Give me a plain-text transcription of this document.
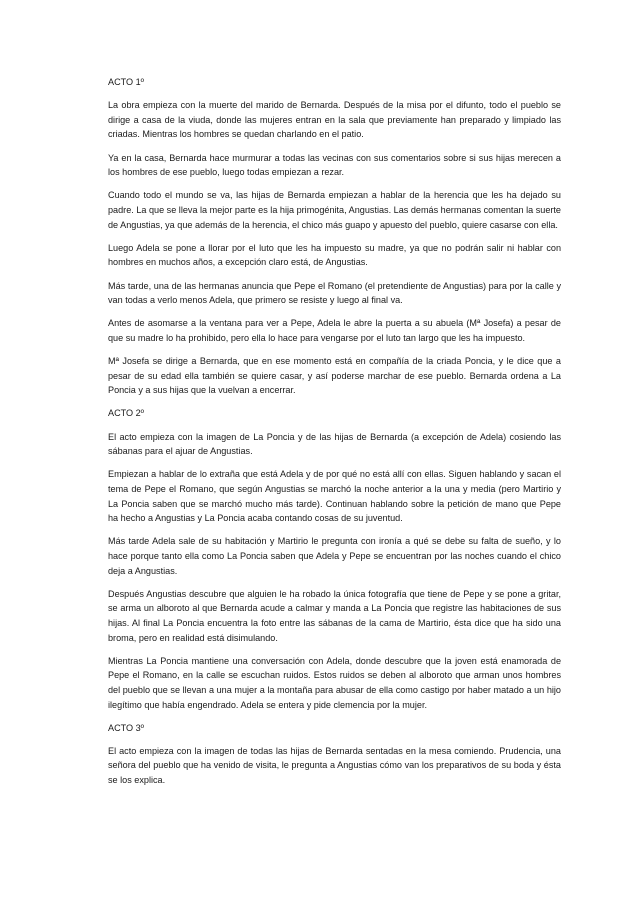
ACTO 1º

La obra empieza con la muerte del marido de Bernarda. Después de la misa por el difunto, todo el pueblo se dirige a casa de la viuda, donde las mujeres entran en la sala que previamente han preparado y limpiado las criadas. Mientras los hombres se quedan charlando en el patio.

Ya en la casa, Bernarda hace murmurar a todas las vecinas con sus comentarios sobre si sus hijas merecen a los hombres de ese pueblo, luego todas empiezan a rezar.

Cuando todo el mundo se va, las hijas de Bernarda empiezan a hablar de la herencia que les ha dejado su padre. La que se lleva la mejor parte es la hija primogénita, Angustias. Las demás hermanas comentan la suerte de Angustias, ya que además de la herencia, el chico más guapo y apuesto del pueblo, quiere casarse con ella.

Luego Adela se pone a llorar por el luto que les ha impuesto su madre, ya que no podrán salir ni hablar con hombres en muchos años, a excepción claro está, de Angustias.

Más tarde, una de las hermanas anuncia que Pepe el Romano (el pretendiente de Angustias) para por la calle y van todas a verlo menos Adela, que primero se resiste y luego al final va.

Antes de asomarse a la ventana para ver a Pepe, Adela le abre la puerta a su abuela (Mª Josefa) a pesar de que su madre lo ha prohibido, pero ella lo hace para vengarse por el luto tan largo que les ha impuesto.

Mª Josefa se dirige a Bernarda, que en ese momento está en compañía de la criada Poncia, y le dice que a pesar de su edad ella también se quiere casar, y así poderse marchar de ese pueblo. Bernarda ordena a La Poncia y a sus hijas que la vuelvan a encerrar.

ACTO 2º

El acto empieza con la imagen de La Poncia y de las hijas de Bernarda (a excepción de Adela) cosiendo las sábanas para el ajuar de Angustias.

Empiezan a hablar de lo extraña que está Adela y de por qué no está allí con ellas. Siguen hablando y sacan el tema de Pepe el Romano, que según Angustias se marchó la noche anterior a la una y media (pero Martirio y La Poncia saben que se marchó mucho más tarde). Continuan hablando sobre la petición de mano que Pepe ha hecho a Angustias y La Poncia acaba contando cosas de su juventud.

Más tarde Adela sale de su habitación y Martirio le pregunta con ironía a qué se debe su falta de sueño, y lo hace porque tanto ella como La Poncia saben que Adela y Pepe se encuentran por las noches cuando el chico deja a Angustias.

Después Angustias descubre que alguien le ha robado la única fotografía que tiene de Pepe y se pone a gritar, se arma un alboroto al que Bernarda acude a calmar y manda a La Poncia que registre las habitaciones de sus hijas. Al final La Poncia encuentra la foto entre las sábanas de la cama de Martirio, ésta dice que ha sido una broma, pero en realidad está disimulando.

Mientras La Poncia mantiene una conversación con Adela, donde descubre que la joven está enamorada de Pepe el Romano, en la calle se escuchan ruidos. Estos ruidos se deben al alboroto que arman unos hombres del pueblo que se llevan a una mujer a la montaña para abusar de ella como castigo por haber matado a un hijo ilegítimo que había engendrado. Adela se entera y pide clemencia por la mujer.

ACTO 3º

El acto empieza con la imagen de todas las hijas de Bernarda sentadas en la mesa comiendo. Prudencia, una señora del pueblo que ha venido de visita, le pregunta a Angustias cómo van los preparativos de su boda y ésta se los explica.
